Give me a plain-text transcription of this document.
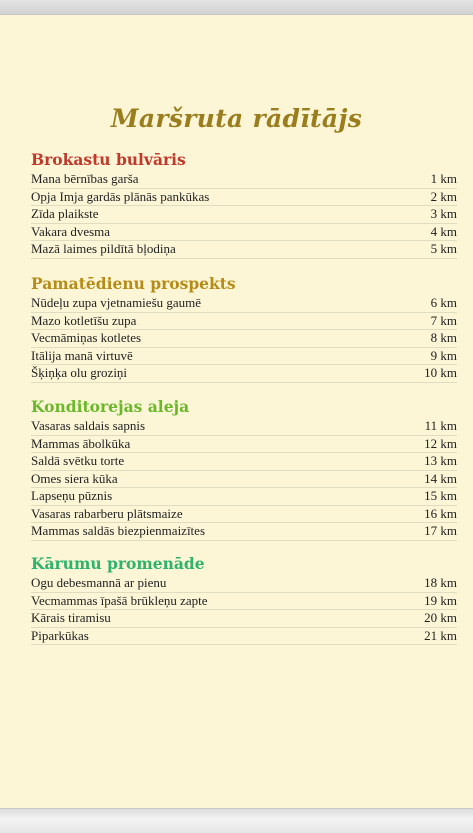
Maršruta rādītājs
Brokastu bulvāris
Mana bērnības garša	1 km
Opja Imja gardās plānās pankūkas	2 km
Zīda plaikste	3 km
Vakara dvesma	4 km
Mazā laimes pildītā bļodiņa	5 km
Pamatēdienu prospekts
Nūdeļu zupa vjetnamiešu gaumē	6 km
Mazo kotletīšu zupa	7 km
Vecmāmiņas kotletes	8 km
Itālija manā virtuvē	9 km
Šķiņķa olu groziņi	10 km
Konditorejas aleja
Vasaras saldais sapnis	11 km
Mammas ābolkūka	12 km
Saldā svētku torte	13 km
Omes siera kūka	14 km
Lapseņu pūznis	15 km
Vasaras rabarberu plātsmaize	16 km
Mammas saldās biezpienmaizītes	17 km
Kārumu promenāde
Ogu debesmannā ar pienu	18 km
Vecmammas īpašā brūkleņu zapte	19 km
Kārais tiramisu	20 km
Piparkūkas	21 km
